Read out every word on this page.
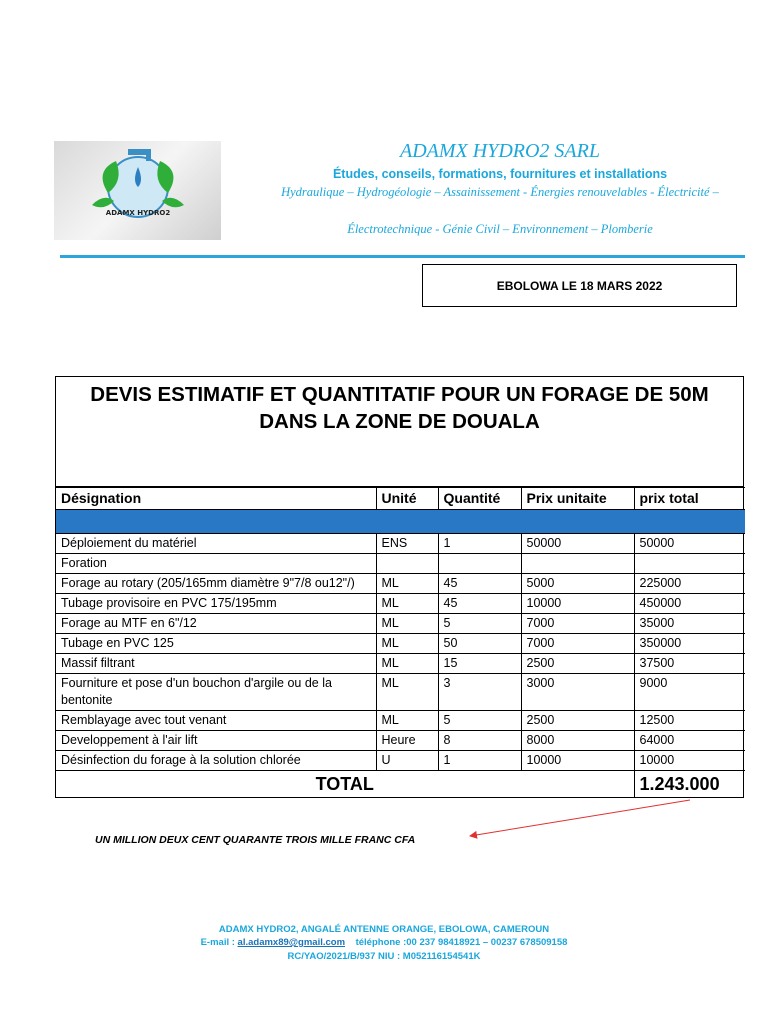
ADAMX HYDRO2
ADAMX HYDRO2 SARL
Études, conseils, formations, fournitures et installations
Hydraulique – Hydrogéologie – Assainissement - Énergies renouvelables - Électricité –
Électrotechnique - Génie Civil – Environnement – Plomberie
EBOLOWA LE 18 MARS 2022
DEVIS ESTIMATIF ET QUANTITATIF POUR UN FORAGE DE 50M
DANS LA ZONE DE DOUALA
Désignation	Unité	Quantité	Prix unitaite	prix total

Déploiement du matériel	ENS	1	50000	50000
Foration				
Forage au rotary (205/165mm diamètre 9"7/8 ou12"/)	ML	45	5000	225000
Tubage provisoire en PVC 175/195mm	ML	45	10000	450000
Forage au MTF en 6"/12	ML	5	7000	35000
Tubage en PVC 125	ML	50	7000	350000
Massif filtrant	ML	15	2500	37500
Fourniture et pose d'un bouchon d'argile ou de la bentonite	ML	3	3000	9000
Remblayage avec tout venant	ML	5	2500	12500
Developpement à l'air lift	Heure	8	8000	64000
Désinfection du forage à la solution chlorée	U	1	10000	10000
TOTAL				1.243.000
UN MILLION DEUX CENT QUARANTE TROIS MILLE FRANC CFA
ADAMX HYDRO2, ANGALÉ ANTENNE ORANGE, EBOLOWA, CAMEROUN
E-mail : al.adamx89@gmail.com téléphone :00 237 98418921 – 00237 678509158
RC/YAO/2021/B/937 NIU : M052116154541K
